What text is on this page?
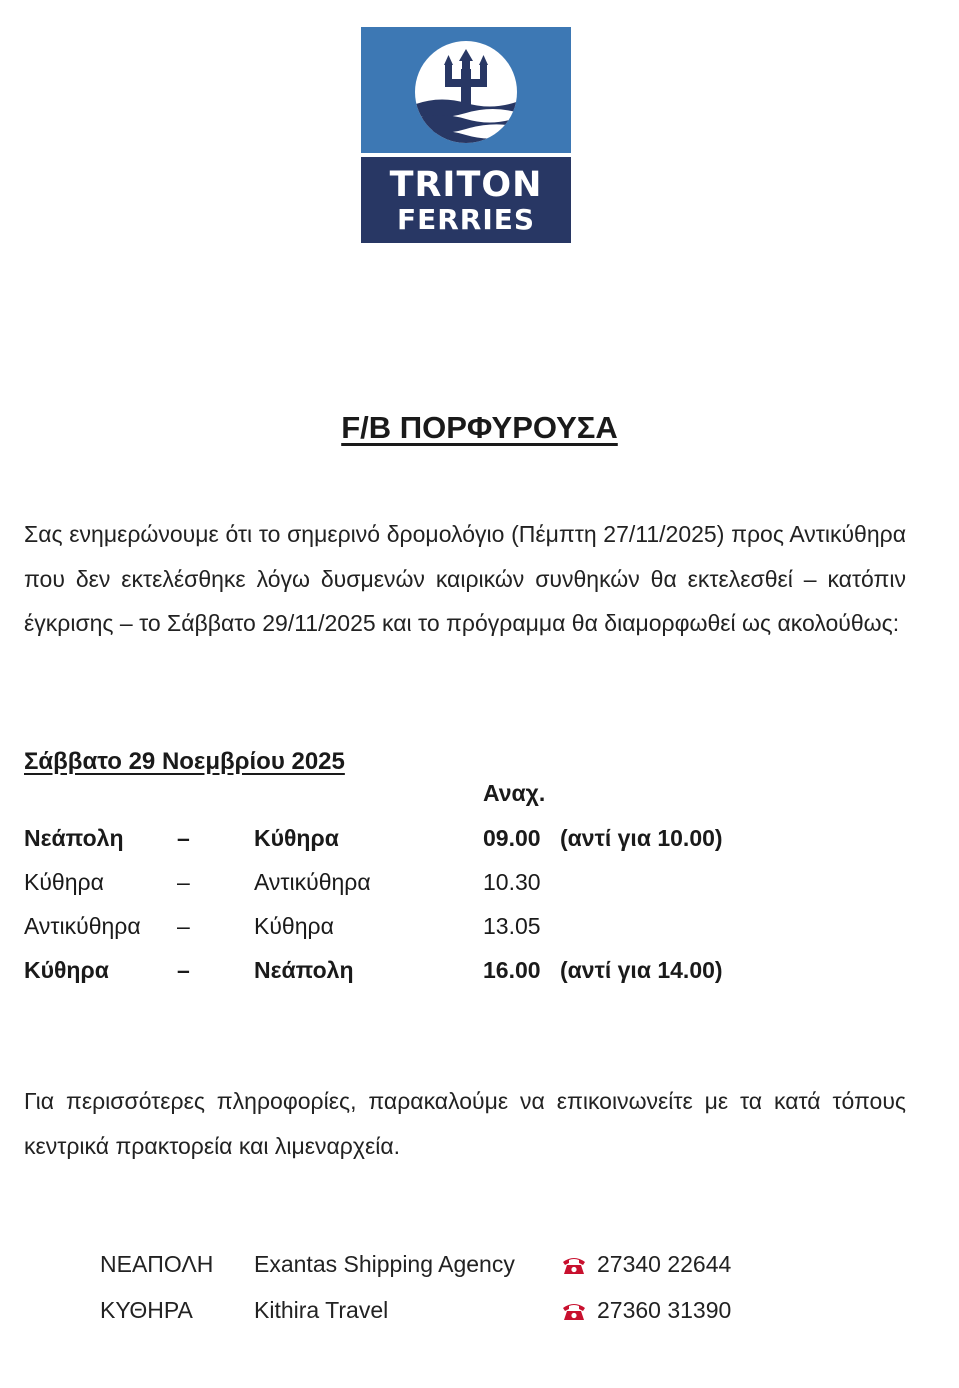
TRITON
FERRIES
F/B ΠΟΡΦΥΡΟΥΣΑ
Σας ενημερώνουμε ότι το σημερινό δρομολόγιο (Πέμπτη 27/11/2025) προς Αντικύθηρα που δεν εκτελέσθηκε λόγω δυσμενών καιρικών συνθηκών θα εκτελεσθεί – κατόπιν έγκρισης – το Σάββατο 29/11/2025 και το πρόγραμμα θα διαμορφωθεί ως ακολούθως:
Σάββατο 29 Νοεμβρίου 2025
Αναχ.
Νεάπολη –	Κύθηρα	09.00 (αντί για 10.00)
Κύθηρα	–	Αντικύθηρα	10.30
Αντικύθηρα –	Κύθηρα	13.05
Κύθηρα	–	Νεάπολη	16.00 (αντί για 14.00)
Για περισσότερες πληροφορίες, παρακαλούμε να επικοινωνείτε με τα κατά τόπους κεντρικά πρακτορεία και λιμεναρχεία.
ΝΕΑΠΟΛΗ Exantas Shipping Agency	27340 22644
ΚΥΘΗΡΑ	Kithira Travel	27360 31390
